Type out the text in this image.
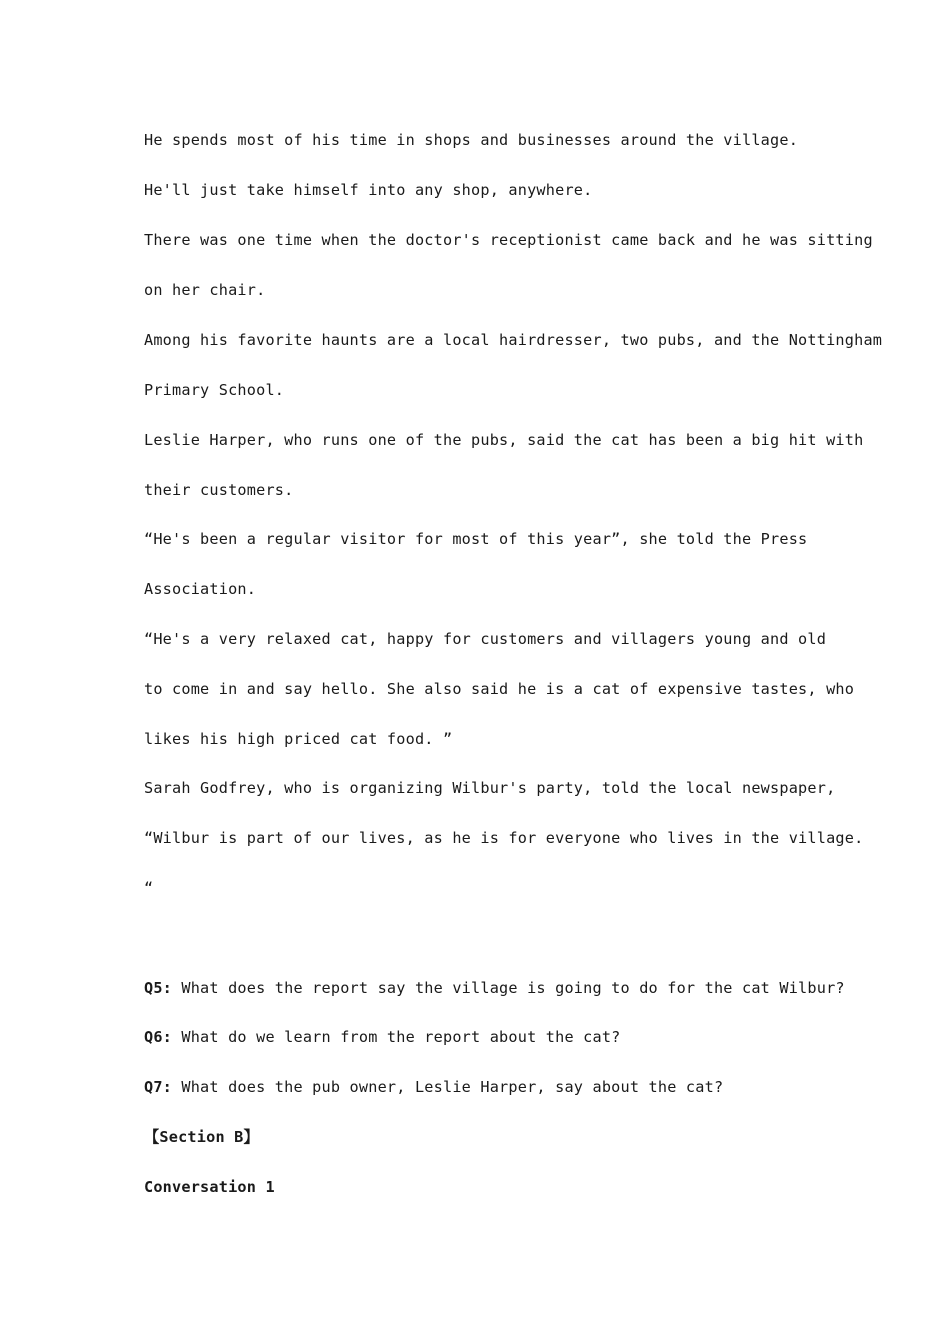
He spends most of his time in shops and businesses around the village.
He'll just take himself into any shop, anywhere.
There was one time when the doctor's receptionist came back and he was sitting
on her chair.
Among his favorite haunts are a local hairdresser, two pubs, and the Nottingham
Primary School.
Leslie Harper, who runs one of the pubs, said the cat has been a big hit with
their customers.
“He's been a regular visitor for most of this year”, she told the Press
Association.
“He's a very relaxed cat, happy for customers and villagers young and old
to come in and say hello. She also said he is a cat of expensive tastes, who
likes his high priced cat food. ”
Sarah Godfrey, who is organizing Wilbur's party, told the local newspaper,
“Wilbur is part of our lives, as he is for everyone who lives in the village.
“
Q5: What does the report say the village is going to do for the cat Wilbur?
Q6: What do we learn from the report about the cat?
Q7: What does the pub owner, Leslie Harper, say about the cat?
【Section B】
Conversation 1
